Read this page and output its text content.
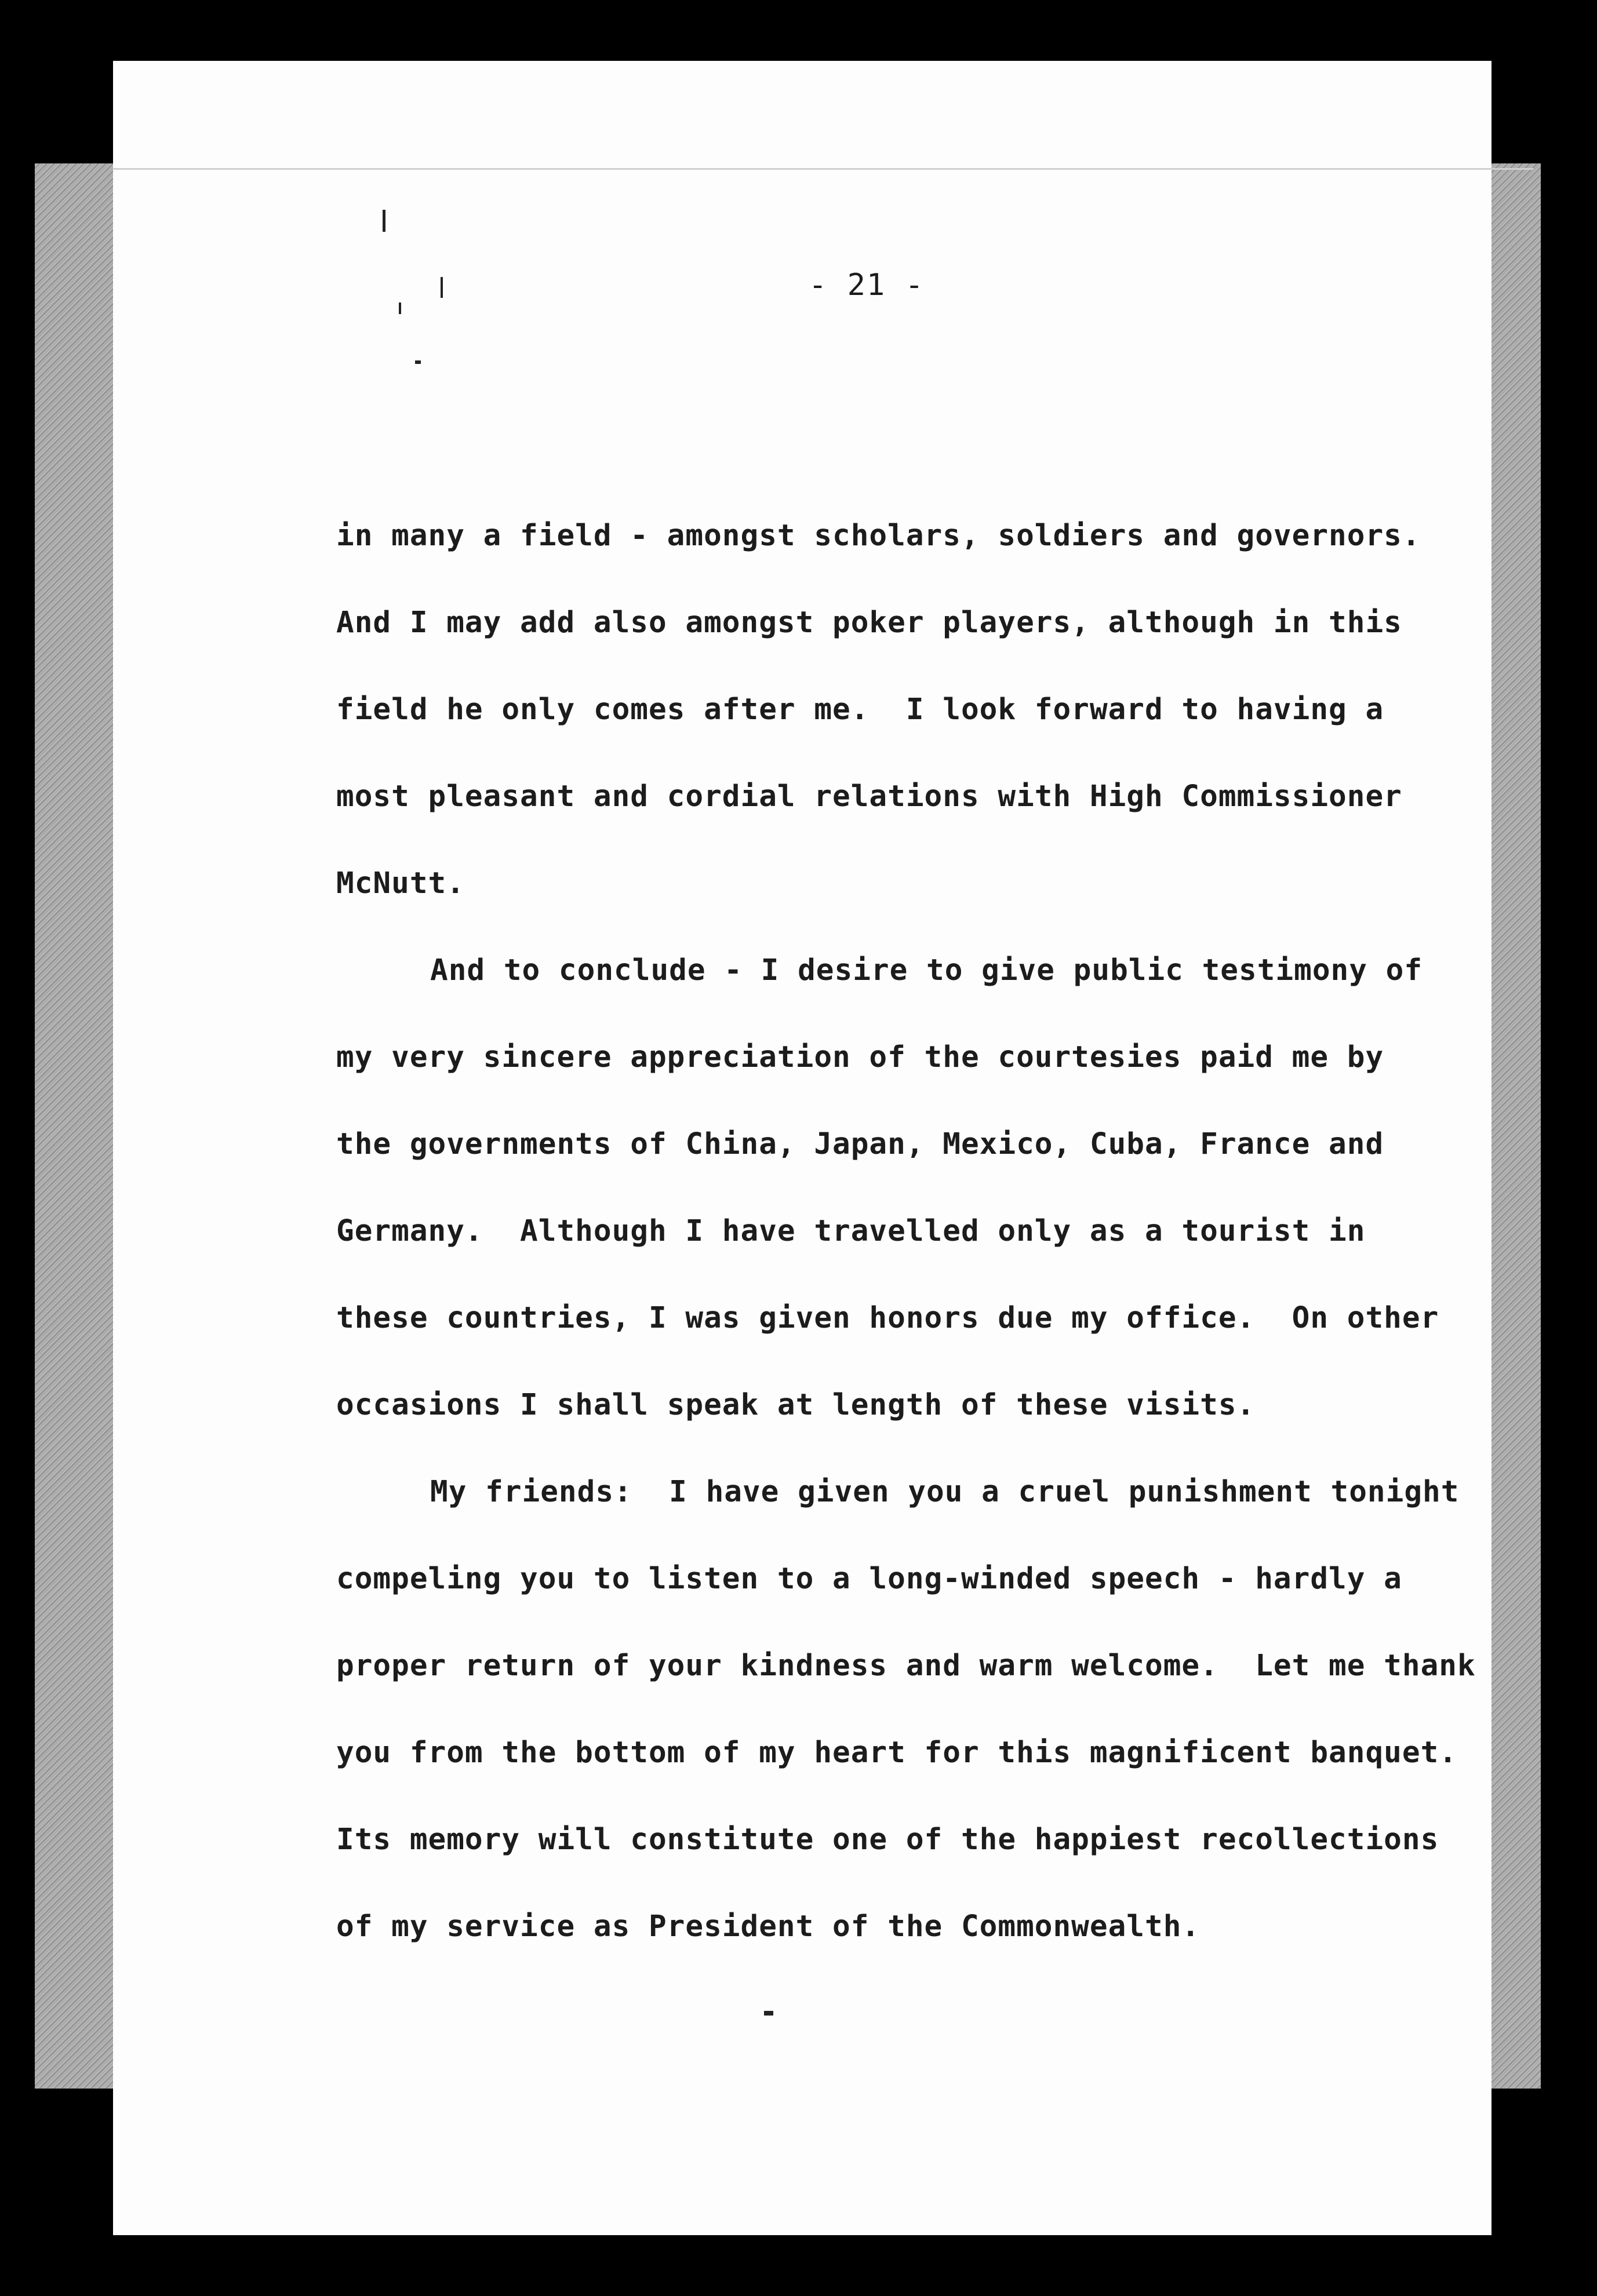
- 21 -
in many a field - amongst scholars, soldiers and governors.
And I may add also amongst poker players, although in this
field he only comes after me.  I look forward to having a
most pleasant and cordial relations with High Commissioner
McNutt.
And to conclude - I desire to give public testimony of
my very sincere appreciation of the courtesies paid me by
the governments of China, Japan, Mexico, Cuba, France and
Germany.  Although I have travelled only as a tourist in
these countries, I was given honors due my office.  On other
occasions I shall speak at length of these visits.
My friends:  I have given you a cruel punishment tonight
compeling you to listen to a long-winded speech - hardly a
proper return of your kindness and warm welcome.  Let me thank
you from the bottom of my heart for this magnificent banquet.
Its memory will constitute one of the happiest recollections
of my service as President of the Commonwealth.
